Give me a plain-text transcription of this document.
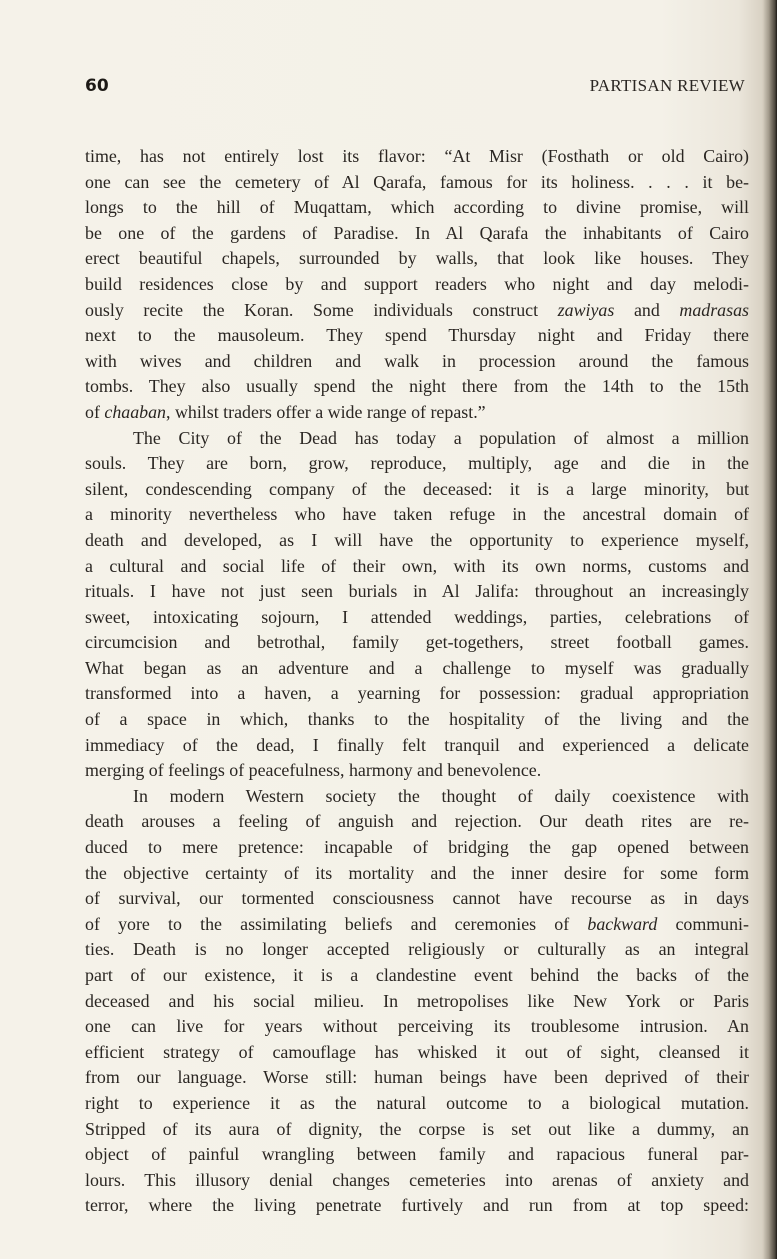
60	PARTISAN REVIEW

time, has not entirely lost its flavor: “At Misr (Fosthath or old Cairo)
one can see the cemetery of Al Qarafa, famous for its holiness. . . . it be-
longs to the hill of Muqattam, which according to divine promise, will
be one of the gardens of Paradise. In Al Qarafa the inhabitants of Cairo
erect beautiful chapels, surrounded by walls, that look like houses. They
build residences close by and support readers who night and day melodi-
ously recite the Koran. Some individuals construct zawiyas and madrasas
next to the mausoleum. They spend Thursday night and Friday there
with wives and children and walk in procession around the famous
tombs. They also usually spend the night there from the 14th to the 15th
of chaaban, whilst traders offer a wide range of repast.”

The City of the Dead has today a population of almost a million
souls. They are born, grow, reproduce, multiply, age and die in the
silent, condescending company of the deceased: it is a large minority, but
a minority nevertheless who have taken refuge in the ancestral domain of
death and developed, as I will have the opportunity to experience myself,
a cultural and social life of their own, with its own norms, customs and
rituals. I have not just seen burials in Al Jalifa: throughout an increasingly
sweet, intoxicating sojourn, I attended weddings, parties, celebrations of
circumcision and betrothal, family get-togethers, street football games.
What began as an adventure and a challenge to myself was gradually
transformed into a haven, a yearning for possession: gradual appropriation
of a space in which, thanks to the hospitality of the living and the
immediacy of the dead, I finally felt tranquil and experienced a delicate
merging of feelings of peacefulness, harmony and benevolence.

In modern Western society the thought of daily coexistence with
death arouses a feeling of anguish and rejection. Our death rites are re-
duced to mere pretence: incapable of bridging the gap opened between
the objective certainty of its mortality and the inner desire for some form
of survival, our tormented consciousness cannot have recourse as in days
of yore to the assimilating beliefs and ceremonies of backward communi-
ties. Death is no longer accepted religiously or culturally as an integral
part of our existence, it is a clandestine event behind the backs of the
deceased and his social milieu. In metropolises like New York or Paris
one can live for years without perceiving its troublesome intrusion. An
efficient strategy of camouflage has whisked it out of sight, cleansed it
from our language. Worse still: human beings have been deprived of their
right to experience it as the natural outcome to a biological mutation.
Stripped of its aura of dignity, the corpse is set out like a dummy, an
object of painful wrangling between family and rapacious funeral par-
lours. This illusory denial changes cemeteries into arenas of anxiety and
terror, where the living penetrate furtively and run from at top speed:
